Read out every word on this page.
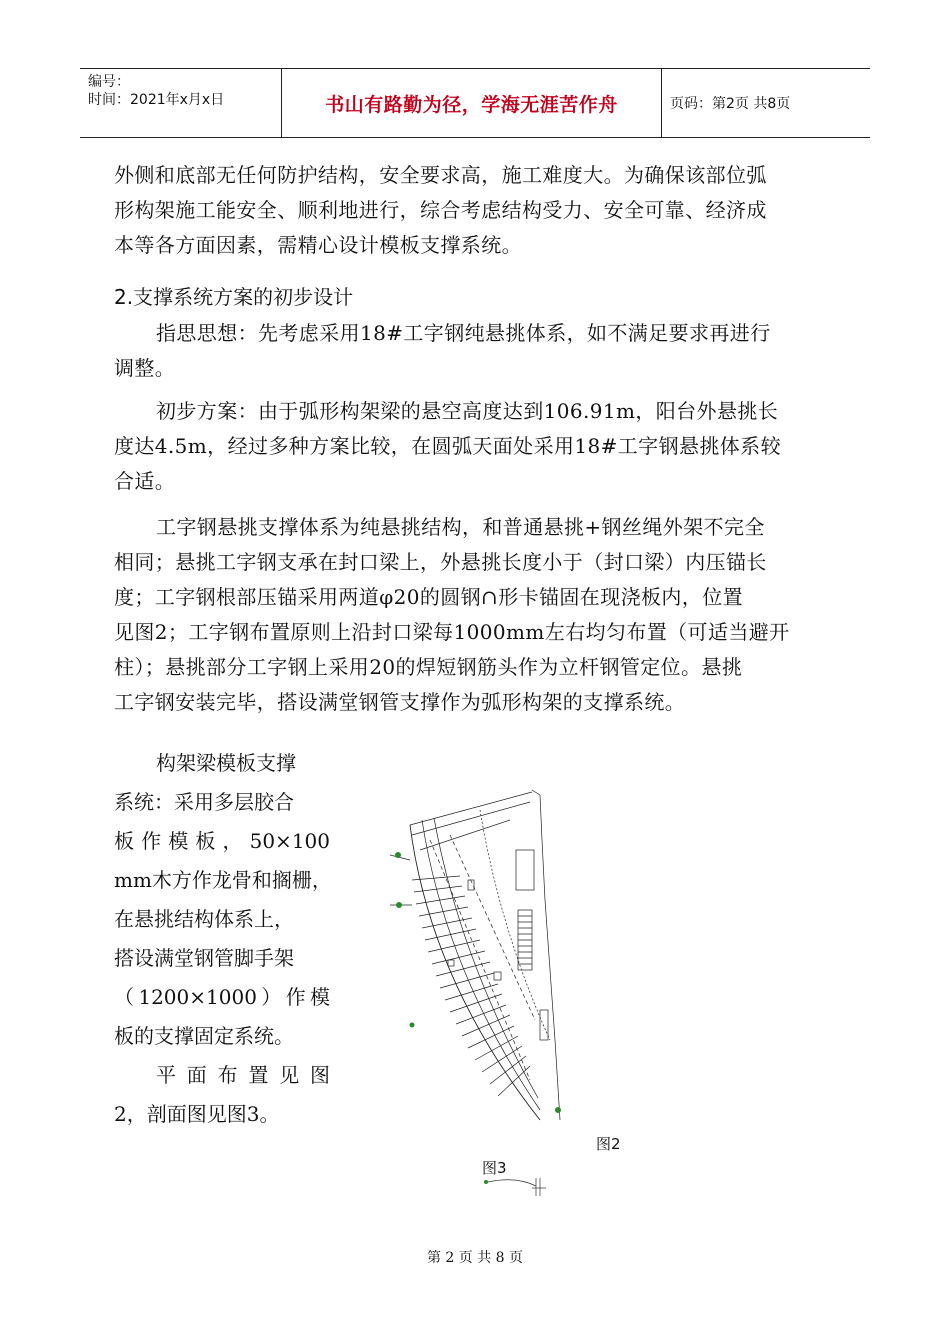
编号：
时间：2021年x月x日	书山有路勤为径，学海无涯苦作舟	页码：第2页 共8页
外侧和底部无任何防护结构，安全要求高，施工难度大。为确保该部位弧
形构架施工能安全、顺利地进行，综合考虑结构受力、安全可靠、经济成
本等各方面因素，需精心设计模板支撑系统。
2.支撑系统方案的初步设计
指思思想：先考虑采用18#工字钢纯悬挑体系，如不满足要求再进行
调整。
初步方案：由于弧形构架梁的悬空高度达到106.91m，阳台外悬挑长
度达4.5m，经过多种方案比较，在圆弧天面处采用18#工字钢悬挑体系较
合适。
工字钢悬挑支撑体系为纯悬挑结构，和普通悬挑+钢丝绳外架不完全
相同；悬挑工字钢支承在封口梁上，外悬挑长度小于（封口梁）内压锚长
度；工字钢根部压锚采用两道φ20的圆钢∩形卡锚固在现浇板内，位置
见图2；工字钢布置原则上沿封口梁每1000mm左右均匀布置（可适当避开
柱）；悬挑部分工字钢上采用20的焊短钢筋头作为立杆钢管定位。悬挑
工字钢安装完毕，搭设满堂钢管支撑作为弧形构架的支撑系统。
构架梁模板支撑
系统：采用多层胶合
板作模板，50×100
mm木方作龙骨和搁栅，
在悬挑结构体系上，
搭设满堂钢管脚手架
（1200×1000）作模
板的支撑固定系统。
平面布置见图
2，剖面图见图3。
图2
图3
第 2 页 共 8 页
